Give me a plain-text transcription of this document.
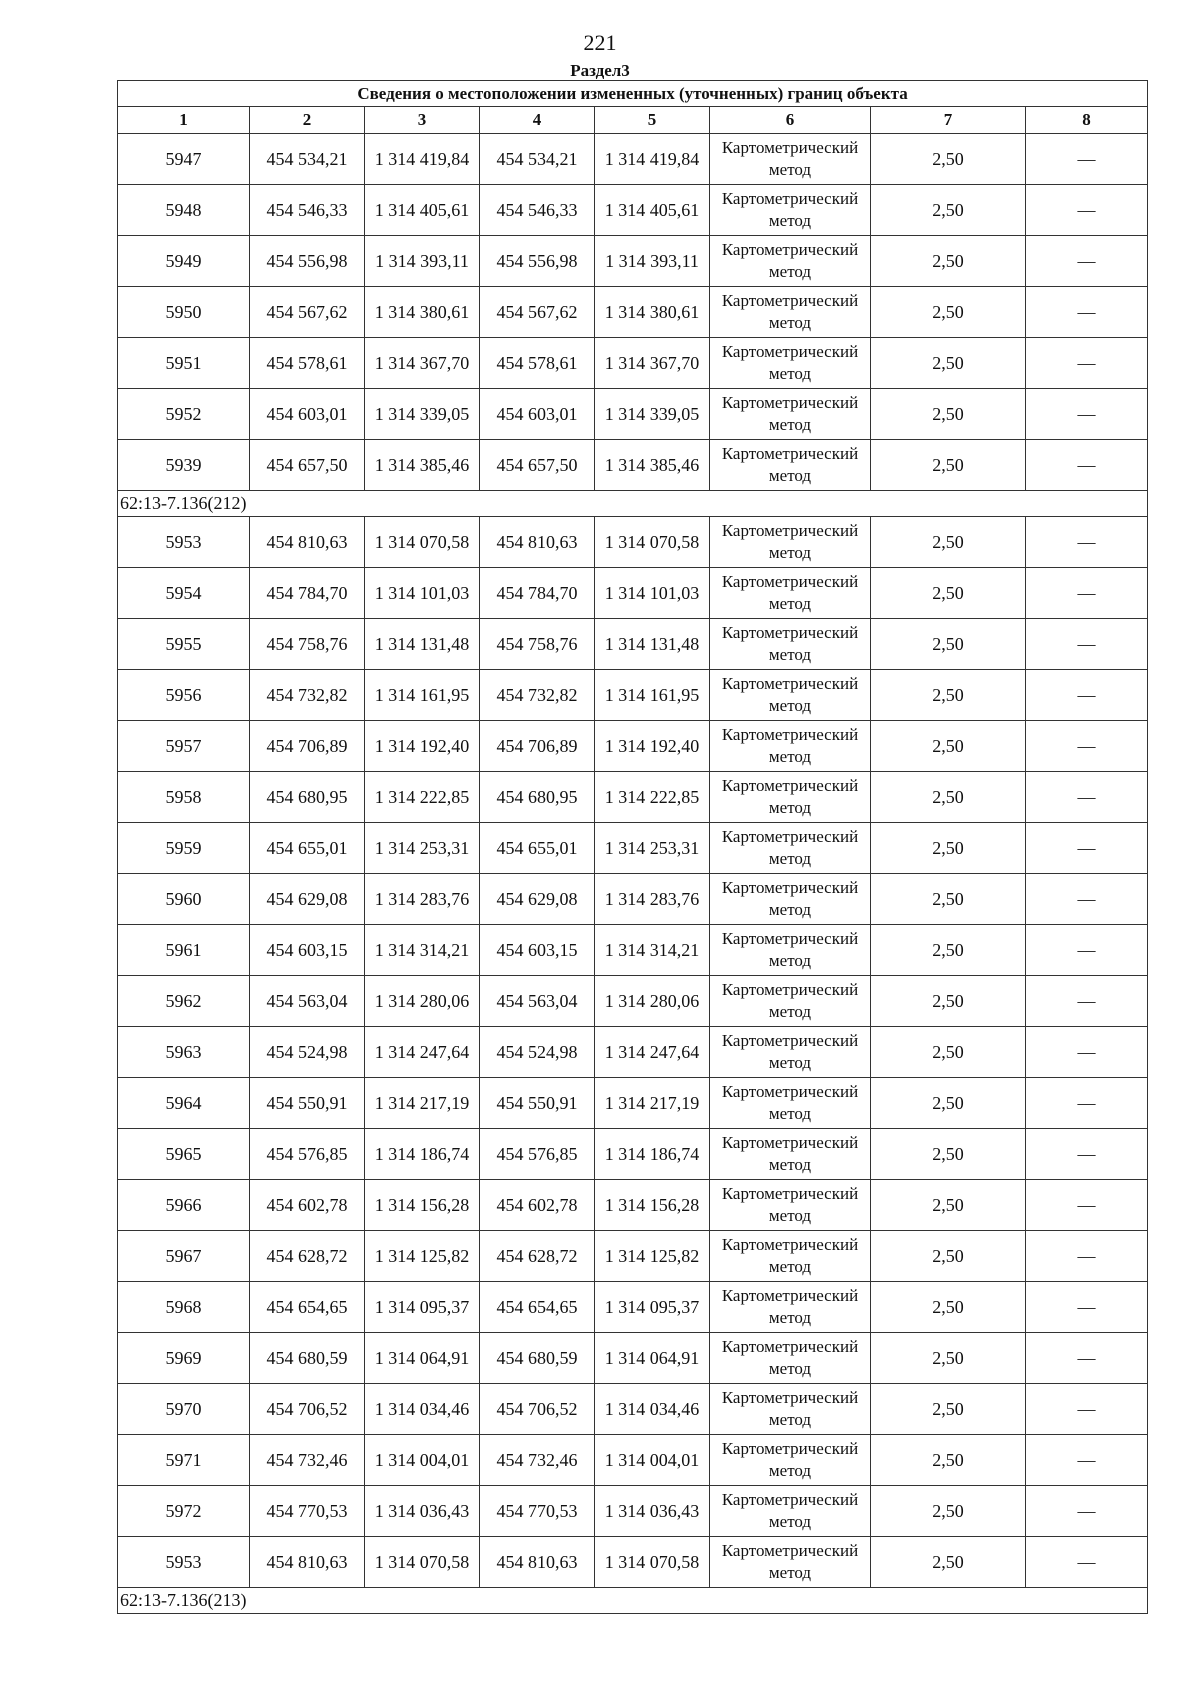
221
Раздел3
Сведения о местоположении измененных (уточненных) границ объекта							
1	2	3	4	5	6	7	8
5947	454 534,21	1 314 419,84	454 534,21	1 314 419,84	Картометрический метод	2,50	—
5948	454 546,33	1 314 405,61	454 546,33	1 314 405,61	Картометрический метод	2,50	—
5949	454 556,98	1 314 393,11	454 556,98	1 314 393,11	Картометрический метод	2,50	—
5950	454 567,62	1 314 380,61	454 567,62	1 314 380,61	Картометрический метод	2,50	—
5951	454 578,61	1 314 367,70	454 578,61	1 314 367,70	Картометрический метод	2,50	—
5952	454 603,01	1 314 339,05	454 603,01	1 314 339,05	Картометрический метод	2,50	—
5939	454 657,50	1 314 385,46	454 657,50	1 314 385,46	Картометрический метод	2,50	—
62:13-7.136(212)							
5953	454 810,63	1 314 070,58	454 810,63	1 314 070,58	Картометрический метод	2,50	—
5954	454 784,70	1 314 101,03	454 784,70	1 314 101,03	Картометрический метод	2,50	—
5955	454 758,76	1 314 131,48	454 758,76	1 314 131,48	Картометрический метод	2,50	—
5956	454 732,82	1 314 161,95	454 732,82	1 314 161,95	Картометрический метод	2,50	—
5957	454 706,89	1 314 192,40	454 706,89	1 314 192,40	Картометрический метод	2,50	—
5958	454 680,95	1 314 222,85	454 680,95	1 314 222,85	Картометрический метод	2,50	—
5959	454 655,01	1 314 253,31	454 655,01	1 314 253,31	Картометрический метод	2,50	—
5960	454 629,08	1 314 283,76	454 629,08	1 314 283,76	Картометрический метод	2,50	—
5961	454 603,15	1 314 314,21	454 603,15	1 314 314,21	Картометрический метод	2,50	—
5962	454 563,04	1 314 280,06	454 563,04	1 314 280,06	Картометрический метод	2,50	—
5963	454 524,98	1 314 247,64	454 524,98	1 314 247,64	Картометрический метод	2,50	—
5964	454 550,91	1 314 217,19	454 550,91	1 314 217,19	Картометрический метод	2,50	—
5965	454 576,85	1 314 186,74	454 576,85	1 314 186,74	Картометрический метод	2,50	—
5966	454 602,78	1 314 156,28	454 602,78	1 314 156,28	Картометрический метод	2,50	—
5967	454 628,72	1 314 125,82	454 628,72	1 314 125,82	Картометрический метод	2,50	—
5968	454 654,65	1 314 095,37	454 654,65	1 314 095,37	Картометрический метод	2,50	—
5969	454 680,59	1 314 064,91	454 680,59	1 314 064,91	Картометрический метод	2,50	—
5970	454 706,52	1 314 034,46	454 706,52	1 314 034,46	Картометрический метод	2,50	—
5971	454 732,46	1 314 004,01	454 732,46	1 314 004,01	Картометрический метод	2,50	—
5972	454 770,53	1 314 036,43	454 770,53	1 314 036,43	Картометрический метод	2,50	—
5953	454 810,63	1 314 070,58	454 810,63	1 314 070,58	Картометрический метод	2,50	—
62:13-7.136(213)							
